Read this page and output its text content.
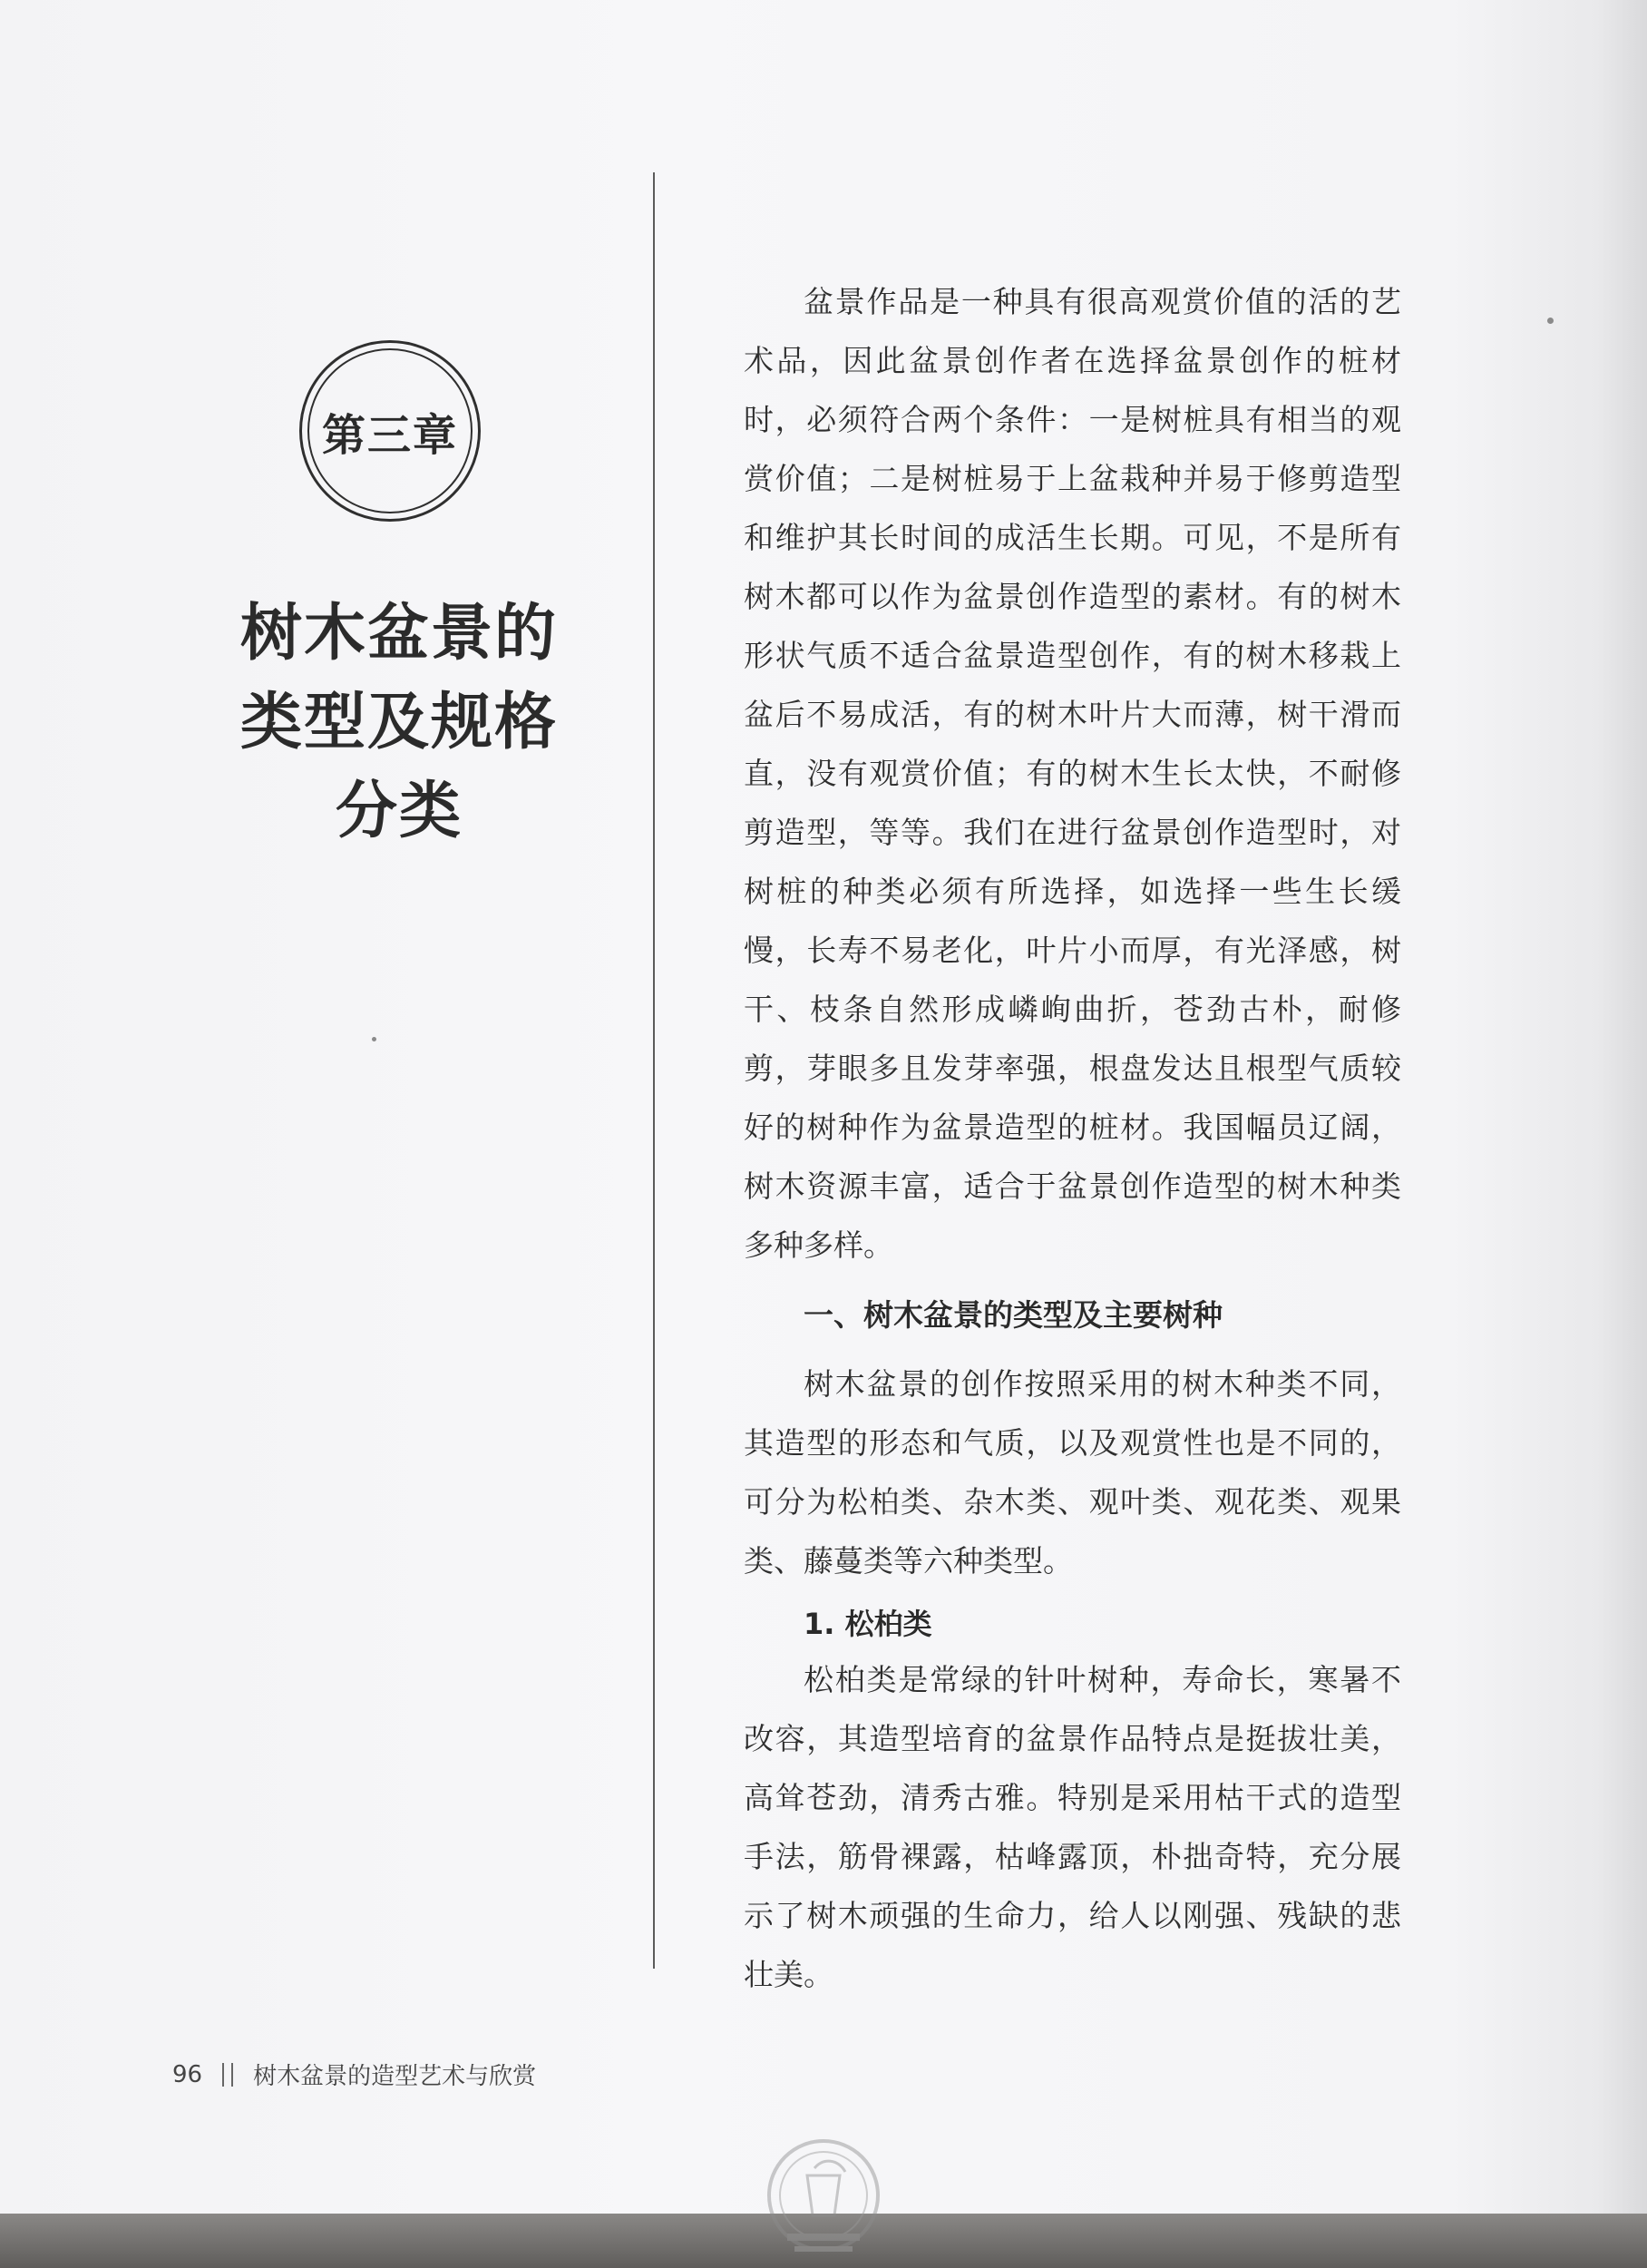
第三章
树木盆景的
类型及规格
分类

盆景作品是一种具有很高观赏价值的活的艺术品，因此盆景创作者在选择盆景创作的桩材时，必须符合两个条件：一是树桩具有相当的观赏价值；二是树桩易于上盆栽种并易于修剪造型和维护其长时间的成活生长期。可见，不是所有树木都可以作为盆景创作造型的素材。有的树木形状气质不适合盆景造型创作，有的树木移栽上盆后不易成活，有的树木叶片大而薄，树干滑而直，没有观赏价值；有的树木生长太快，不耐修剪造型，等等。我们在进行盆景创作造型时，对树桩的种类必须有所选择，如选择一些生长缓慢，长寿不易老化，叶片小而厚，有光泽感，树干、枝条自然形成嶙峋曲折，苍劲古朴，耐修剪，芽眼多且发芽率强，根盘发达且根型气质较好的树种作为盆景造型的桩材。我国幅员辽阔，树木资源丰富，适合于盆景创作造型的树木种类多种多样。

一、树木盆景的类型及主要树种

树木盆景的创作按照采用的树木种类不同，其造型的形态和气质，以及观赏性也是不同的，可分为松柏类、杂木类、观叶类、观花类、观果类、藤蔓类等六种类型。

1. 松柏类

松柏类是常绿的针叶树种，寿命长，寒暑不改容，其造型培育的盆景作品特点是挺拔壮美，高耸苍劲，清秀古雅。特别是采用枯干式的造型手法，筋骨裸露，枯峰露顶，朴拙奇特，充分展示了树木顽强的生命力，给人以刚强、残缺的悲壮美。

96 树木盆景的造型艺术与欣赏
